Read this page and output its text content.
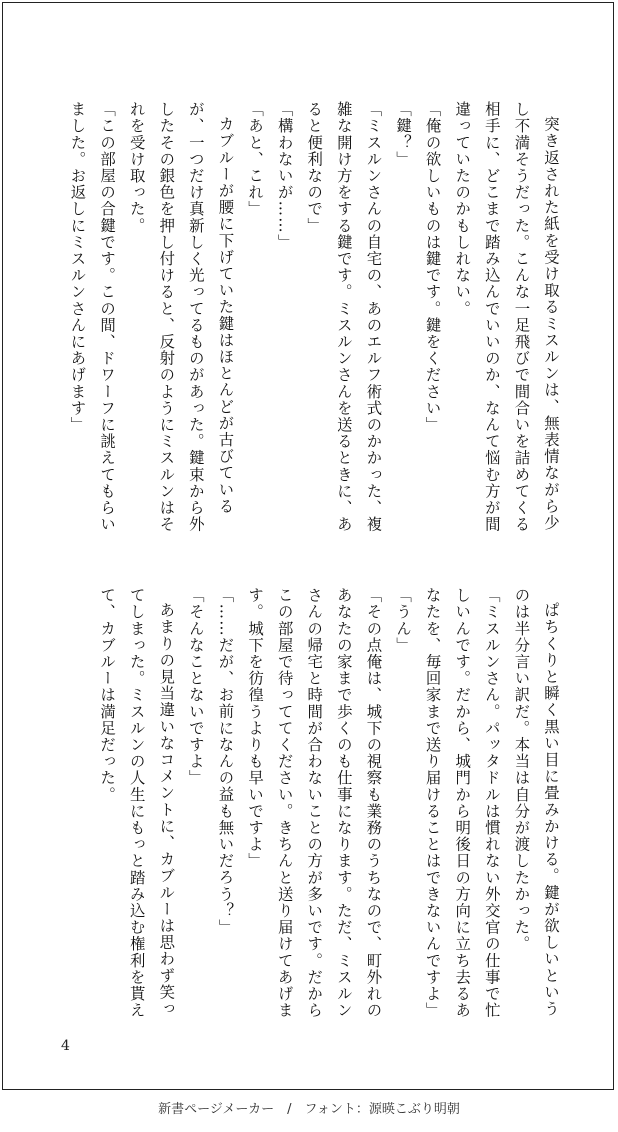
突き返された紙を受け取るミスルンは、無表情ながら少し不満そうだった。こんな一足飛びで間合いを詰めてくる相手に、どこまで踏み込んでいいのか、なんて悩む方が間違っていたのかもしれない。

「俺の欲しいものは鍵です。鍵をください」

「鍵？」

「ミスルンさんの自宅の、あのエルフ術式のかかった、複雑な開け方をする鍵です。ミスルンさんを送るときに、あると便利なので」

「構わないが……」

「あと、これ」

カブルーが腰に下げていた鍵はほとんどが古びているが、一つだけ真新しく光ってるものがあった。鍵束から外したその銀色を押し付けると、反射のようにミスルンはそれを受け取った。

「この部屋の合鍵です。この間、ドワーフに誂えてもらいました。お返しにミスルンさんにあげます」

ぱちくりと瞬く黒い目に畳みかける。鍵が欲しいというのは半分言い訳だ。本当は自分が渡したかった。

「ミスルンさん。パッタドルは慣れない外交官の仕事で忙しいんです。だから、城門から明後日の方向に立ち去るあなたを、毎回家まで送り届けることはできないんですよ」

「うん」

「その点俺は、城下の視察も業務のうちなので、町外れのあなたの家まで歩くのも仕事になります。ただ、ミスルンさんの帰宅と時間が合わないことの方が多いです。だからこの部屋で待っててください。きちんと送り届けてあげます。城下を彷徨うよりも早いですよ」

「……だが、お前になんの益も無いだろう？」

「そんなことないですよ」

あまりの見当違いなコメントに、カブルーは思わず笑ってしまった。ミスルンの人生にもっと踏み込む権利を貰えて、カブルーは満足だった。

4
新書ページメーカー　/　フォント：源暎こぶり明朝
